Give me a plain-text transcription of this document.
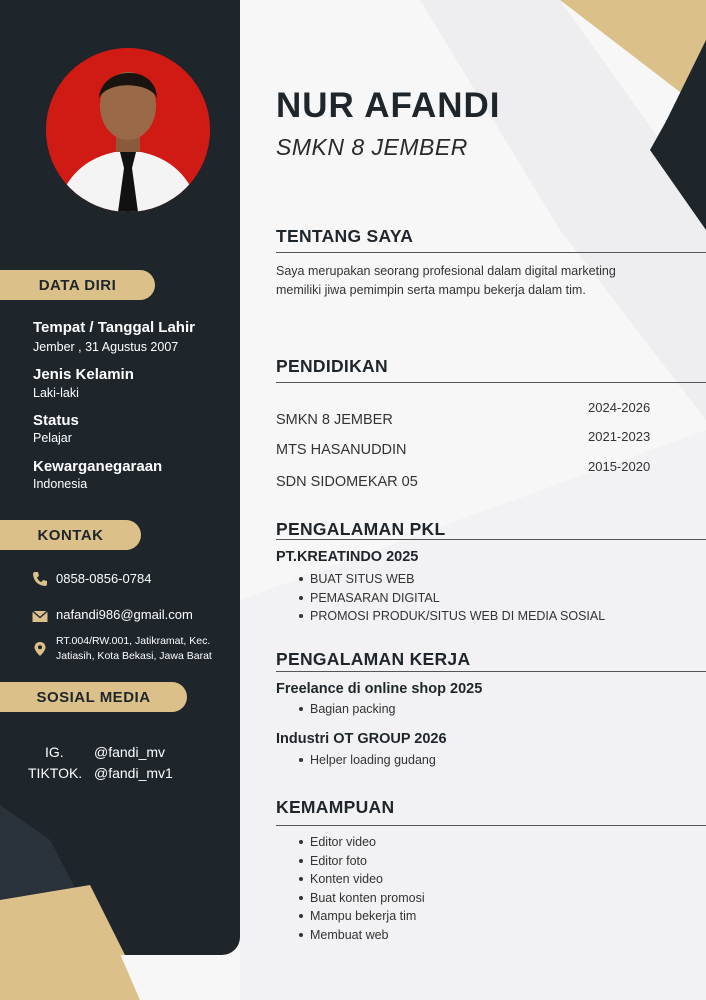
DATA DIRI
Tempat / Tanggal Lahir
Jember , 31 Agustus 2007
Jenis Kelamin
Laki-laki
Status
Pelajar
Kewarganegaraan
Indonesia
KONTAK
0858-0856-0784
nafandi986@gmail.com
RT.004/RW.001, Jatikramat, Kec.
Jatiasih, Kota Bekasi, Jawa Barat
SOSIAL MEDIA
IG. @fandi_mv
TIKTOK. @fandi_mv1
NUR AFANDI
SMKN 8 JEMBER
TENTANG SAYA
Saya merupakan seorang profesional dalam digital marketing
memiliki jiwa pemimpin serta mampu bekerja dalam tim.
PENDIDIKAN
SMKN 8 JEMBER
MTS HASANUDDIN
SDN SIDOMEKAR 05
2024-2026
2021-2023
2015-2020
PENGALAMAN PKL
PT.KREATINDO 2025
BUAT SITUS WEB
PEMASARAN DIGITAL
PROMOSI PRODUK/SITUS WEB DI MEDIA SOSIAL
PENGALAMAN KERJA
Freelance di online shop 2025
Bagian packing
Industri OT GROUP 2026
Helper loading gudang
KEMAMPUAN
Editor video
Editor foto
Konten video
Buat konten promosi
Mampu bekerja tim
Membuat web
